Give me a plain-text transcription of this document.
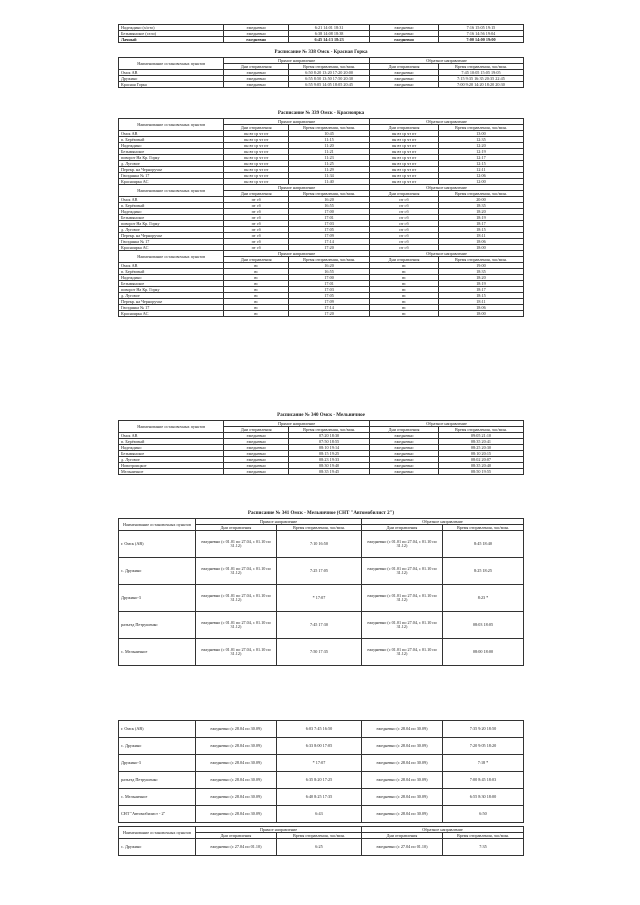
Надеждино (х/ото)	ежедневно	6:21 14:01 18:31	ежедневно	7:16 15:05 19:15
Безымянское (село)	ежедневно	6:38 14:08 18:38	ежедневно	7:16 14:56 19:04
Лачный	ежедневно	6:45 14:13 18:23	ежедневно	7:00 14:00 19:00
Расписание № 338 Омск - Красная Горка
Наименование остановочных пунктов	Прямое направление		Обратное направление	
	Дни отправления	Время отправления, час/мин.	Дни отправления	Время отправления, час/мин.
Омск АВ	ежедневно	6:50 8:20 13:20 17:20 20:00	ежедневно	7:45 10:05 15:05 19:05
Дружино	ежедневно	6:55 8:50 13:50 17:50 20:30	ежедневно	7:15 9:35 16:35 20:35 22:45
Красная Горка	ежедневно	6:55 9:05 14:05 18:05 20:45	ежедневно	7:00 9:20 14:20 18:20 20:30
Расписание № 339 Омск - Красноярка
Наименование остановочных пунктов	Прямое направление		Обратное направление	
	Дни отправления	Время отправления, час/мин.	Дни отправления	Время отправления, час/мин.
Омск АВ	пн вт ср чт пт	10:45	пн вт ср чт пт	13:00
п. Берёзовый	пн вт ср чт пт	11:15	пн вт ср чт пт	12:35
Надеждино	пн вт ср чт пт	11:20	пн вт ср чт пт	12:20
Безымянское	пн вт ср чт пт	11:21	пн вт ср чт пт	12:19
поворот На Кр. Горку	пн вт ср чт пт	11:23	пн вт ср чт пт	12:17
д. Луговое	пн вт ср чт пт	11:25	пн вт ср чт пт	12:15
Перекр. на Черноручье	пн вт ср чт пт	11:29	пн вт ср чт пт	12:11
Гвоздянка № 17	пн вт ср чт пт	11:34	пн вт ср чт пт	12:06
Красноярка АС	пн вт ср чт пт	11:40	пн вт ср чт пт	12:00
Наименование остановочных пунктов	Прямое направление		Обратное направление	
	Дни отправления	Время отправления, час/мин.	Дни отправления	Время отправления, час/мин.
Омск АВ	пт сб	16:20	пт сб	20:00
п. Берёзовый	пт сб	16:55	пт сб	18:35
Надеждино	пт сб	17:00	пт сб	18:20
Безымянское	пт сб	17:01	пт сб	18:19
поворот На Кр. Горку	пт сб	17:03	пт сб	18:17
д. Луговое	пт сб	17:05	пт сб	18:15
Перекр. на Черноручье	пт сб	17:09	пт сб	18:11
Гвоздянка № 17	пт сб	17:14	пт сб	18:06
Красноярка АС	пт сб	17:20	пт сб	18:00
Наименование остановочных пунктов	Прямое направление		Обратное направление	
	Дни отправления	Время отправления, час/мин.	Дни отправления	Время отправления, час/мин.
Омск АВ	вс	16:20	вс	19:00
п. Берёзовый	вс	16:55	вс	18:35
Надеждино	вс	17:00	вс	18:20
Безымянское	вс	17:01	вс	18:19
поворот На Кр. Горку	вс	17:03	вс	18:17
д. Луговое	вс	17:05	вс	18:15
Перекр. на Черноручье	вс	17:09	вс	18:11
Гвоздянка № 17	вс	17:14	вс	18:06
Красноярка АС	вс	17:20	вс	18:00
Расписание № 340 Омск - Мельничное
Наименование остановочных пунктов	Прямое направление		Обратное направление	
	Дни отправления	Время отправления, час/мин.	Дни отправления	Время отправления, час/мин.
Омск АВ	ежедневно	07:20 18:30	ежедневно	09:05 21:10
п. Берёзовый	ежедневно	07:50 18:55	ежедневно	08:35 20:41
Надеждино	ежедневно	08:10 19:14	ежедневно	08:25 20:30
Безымянское	ежедневно	08:15 19:25	ежедневно	08:10 20:15
д. Луговое	ежедневно	08:23 19:33	ежедневно	08:02 20:07
Новотроицкое	ежедневно	08:30 19:40	ежедневно	08:35 20:40
Мельничное	ежедневно	08:35 19:45	ежедневно	08:50 19:55
Расписание № 341 Омск - Мельничное (СНТ "Автомобилист 2")
Наименование остановочных пунктов	Прямое направление		Обратное направление	
	Дни отправления	Время отправления, час/мин.	Дни отправления	Время отправления, час/мин.
г. Омск (АВ)	ежедневно (с 01.01 по 27.04, с 01.10 по 31.12)	7:10 16:50	ежедневно (с 01.01 по 27.04, с 01.10 по 31.12)	8:45 18:40
с. Дружино	ежедневно (с 01.01 по 27.04, с 01.10 по 31.12)	7:25 17:05	ежедневно (с 01.01 по 27.04, с 01.10 по 31.12)	8:25 18:25
Дружино-3	ежедневно (с 01.01 по 27.04, с 01.10 по 31.12)	* 17:07	ежедневно (с 01.01 по 27.04, с 01.10 по 31.12)	8:23 *
разъезд Петрушенко	ежедневно (с 01.01 по 27.04, с 01.10 по 31.12)	7:45 17:30	ежедневно (с 01.01 по 27.04, с 01.10 по 31.12)	08:03 18:05
с. Мельничное	ежедневно (с 01.01 по 27.04, с 01.10 по 31.12)	7:50 17:35	ежедневно (с 01.01 по 27.04, с 01.10 по 31.12)	08:00 18:00
г. Омск (АВ)	ежедневно (с 28.04 по 30.09)	6:03 7:45 16:50	ежедневно (с 28.04 по 30.09)	7:35 9:20 18:50
с. Дружино	ежедневно (с 28.04 по 30.09)	6:33 8:00 17:05	ежедневно (с 28.04 по 30.09)	7:20 9:05 18:20
Дружино-3	ежедневно (с 28.04 по 30.09)	* 17:07	ежедневно (с 28.04 по 30.09)	7:18 *
разъезд Петрушенко	ежедневно (с 28.04 по 30.09)	6:35 8:20 17:25	ежедневно (с 28.04 по 30.09)	7:00 8:45 18:03
с. Мельничное	ежедневно (с 28.04 по 30.09)	6:40 8:25 17:35	ежедневно (с 28.04 по 30.09)	6:55 8:30 18:00
СНТ "Автомобилист - 2"	ежедневно (с 28.04 по 30.09)	6:43	ежедневно (с 28.04 по 30.09)	6:50
Наименование остановочных пунктов	Прямое направление		Обратное направление	
	Дни отправления	Время отправления, час/мин.	Дни отправления	Время отправления, час/мин.
с. Дружино	ежедневно (с 27.04 по 01.10)	6:25	ежедневно (с 27.04 по 01.10)	7:35
